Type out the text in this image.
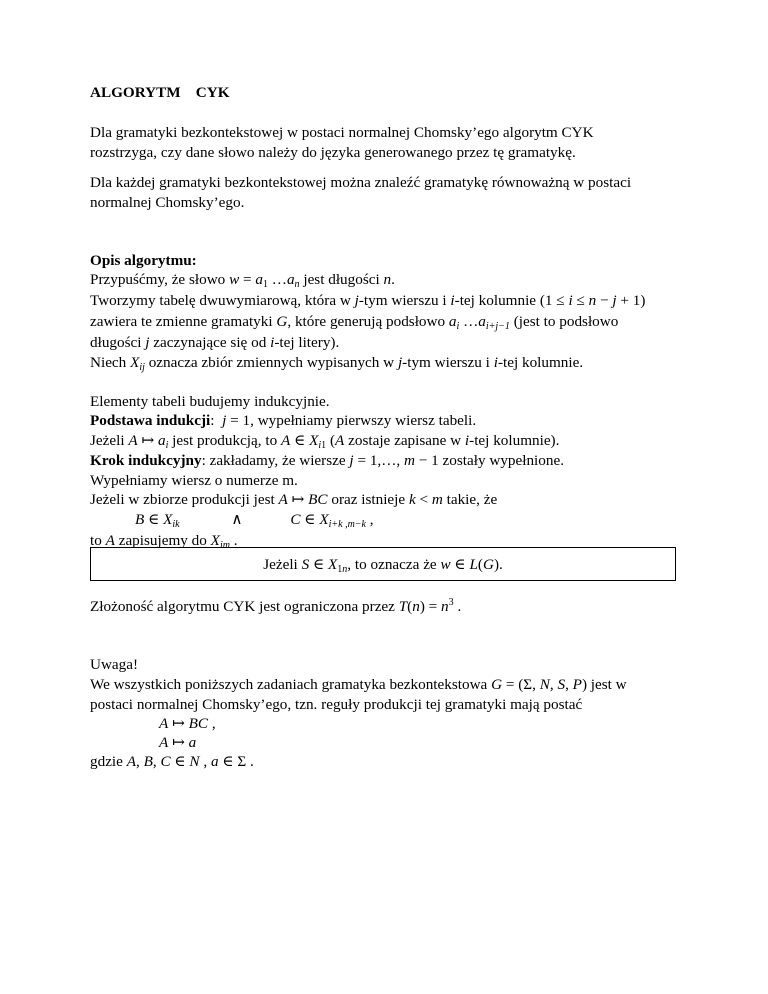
ALGORYTM    CYK
Dla gramatyki bezkontekstowej w postaci normalnej Chomsky’ego algorytm CYK
rozstrzyga, czy dane słowo należy do języka generowanego przez tę gramatykę.
Dla każdej gramatyki bezkontekstowej można znaleźć gramatykę równoważną w postaci
normalnej Chomsky’ego.
Opis algorytmu:
Przypuśćmy, że słowo $w = a_1$ $\dots a_n$ jest długości n.
Tworzymy tabelę dwuwymiarową, która w j-tym wierszu i i-tej kolumnie (1 ≤ i ≤ n − j + 1)
zawiera te zmienne gramatyki G, które generują podsłowo $a_i$ $\dots a_{i+j-1}$ (jest to podsłowo
długości j zaczynające się od i-tej litery).
Niech $X_{ij}$ oznacza zbiór zmiennych wypisanych w j-tym wierszu i i-tej kolumnie.
Elementy tabeli budujemy indukcyjnie.
Podstawa indukcji:  j = 1, wypełniamy pierwszy wiersz tabeli.
Jeżeli A ↦ $a_i$ jest produkcją, to A ∈ $X_{i1}$ (A zostaje zapisane w i-tej kolumnie).
Krok indukcyjny: zakładamy, że wiersze j = 1,…, m − 1 zostały wypełnione.
Wypełniamy wiersz o numerze m.
Jeżeli w zbiorze produkcji jest A ↦ BC oraz istnieje k < m takie, że
B ∈ $X_{ik}$	∧	C ∈ $X_{i+k ,m-k}$ ,
to A zapisujemy do $X_{im}$ .
Jeżeli S ∈ $X_{1n}$, to oznacza że w ∈ L(G).
Złożoność algorytmu CYK jest ograniczona przez $T(n) = n^3$ .
Uwaga!
We wszystkich poniższych zadaniach gramatyka bezkontekstowa G = (Σ, N, S, P) jest w
postaci normalnej Chomsky’ego, tzn. reguły produkcji tej gramatyki mają postać
A ↦ BC ,
A ↦ a
gdzie A, B, C ∈ N , a ∈ Σ .
